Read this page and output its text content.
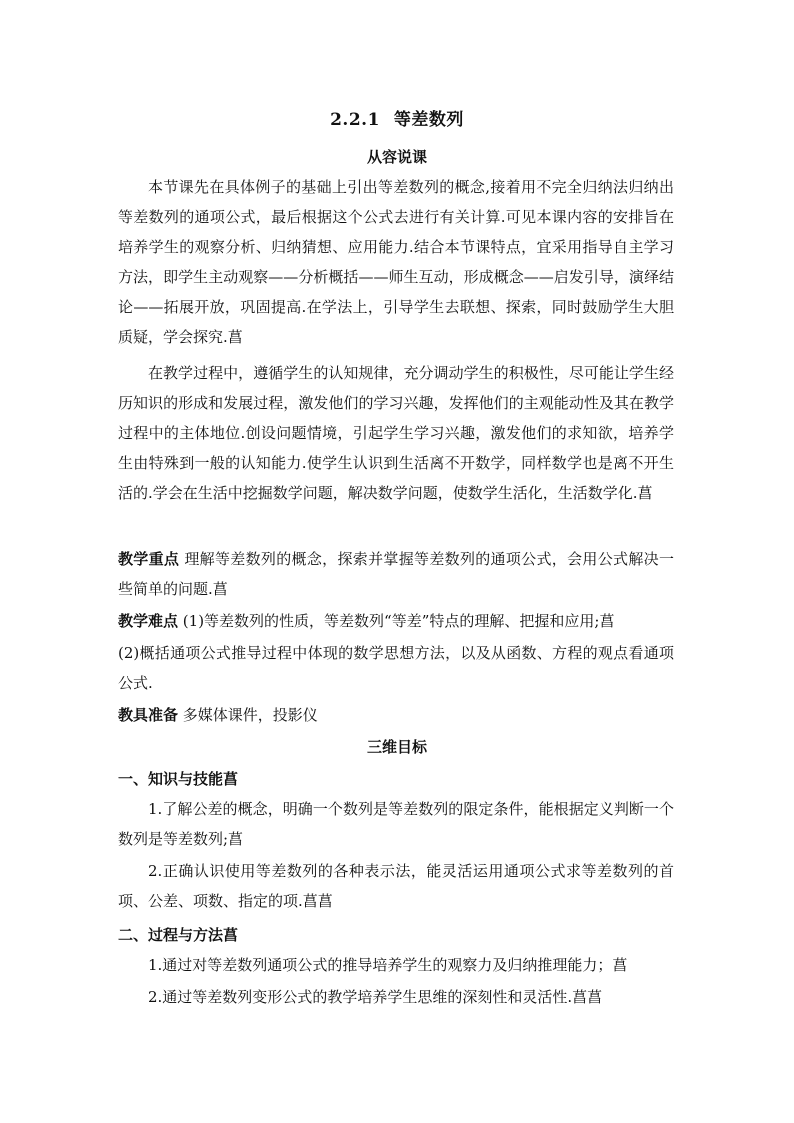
2.2.1 等差数列
从容说课
本节课先在具体例子的基础上引出等差数列的概念,接着用不完全归纳法归纳出等差数列的通项公式，最后根据这个公式去进行有关计算.可见本课内容的安排旨在培养学生的观察分析、归纳猜想、应用能力.结合本节课特点，宜采用指导自主学习方法，即学生主动观察——分析概括——师生互动，形成概念——启发引导，演绎结论——拓展开放，巩固提高.在学法上，引导学生去联想、探索，同时鼓励学生大胆质疑，学会探究.菖
在教学过程中，遵循学生的认知规律，充分调动学生的积极性，尽可能让学生经历知识的形成和发展过程，激发他们的学习兴趣，发挥他们的主观能动性及其在教学过程中的主体地位.创设问题情境，引起学生学习兴趣，激发他们的求知欲，培养学生由特殊到一般的认知能力.使学生认识到生活离不开数学，同样数学也是离不开生活的.学会在生活中挖掘数学问题，解决数学问题，使数学生活化，生活数学化.菖
教学重点 理解等差数列的概念，探索并掌握等差数列的通项公式，会用公式解决一些简单的问题.菖
教学难点 (1)等差数列的性质，等差数列“等差”特点的理解、把握和应用;菖
(2)概括通项公式推导过程中体现的数学思想方法，以及从函数、方程的观点看通项公式.
教具准备 多媒体课件，投影仪
三维目标
一、知识与技能菖
1.了解公差的概念，明确一个数列是等差数列的限定条件，能根据定义判断一个数列是等差数列;菖
2.正确认识使用等差数列的各种表示法，能灵活运用通项公式求等差数列的首项、公差、项数、指定的项.菖菖
二、过程与方法菖
1.通过对等差数列通项公式的推导培养学生的观察力及归纳推理能力；菖
2.通过等差数列变形公式的教学培养学生思维的深刻性和灵活性.菖菖
